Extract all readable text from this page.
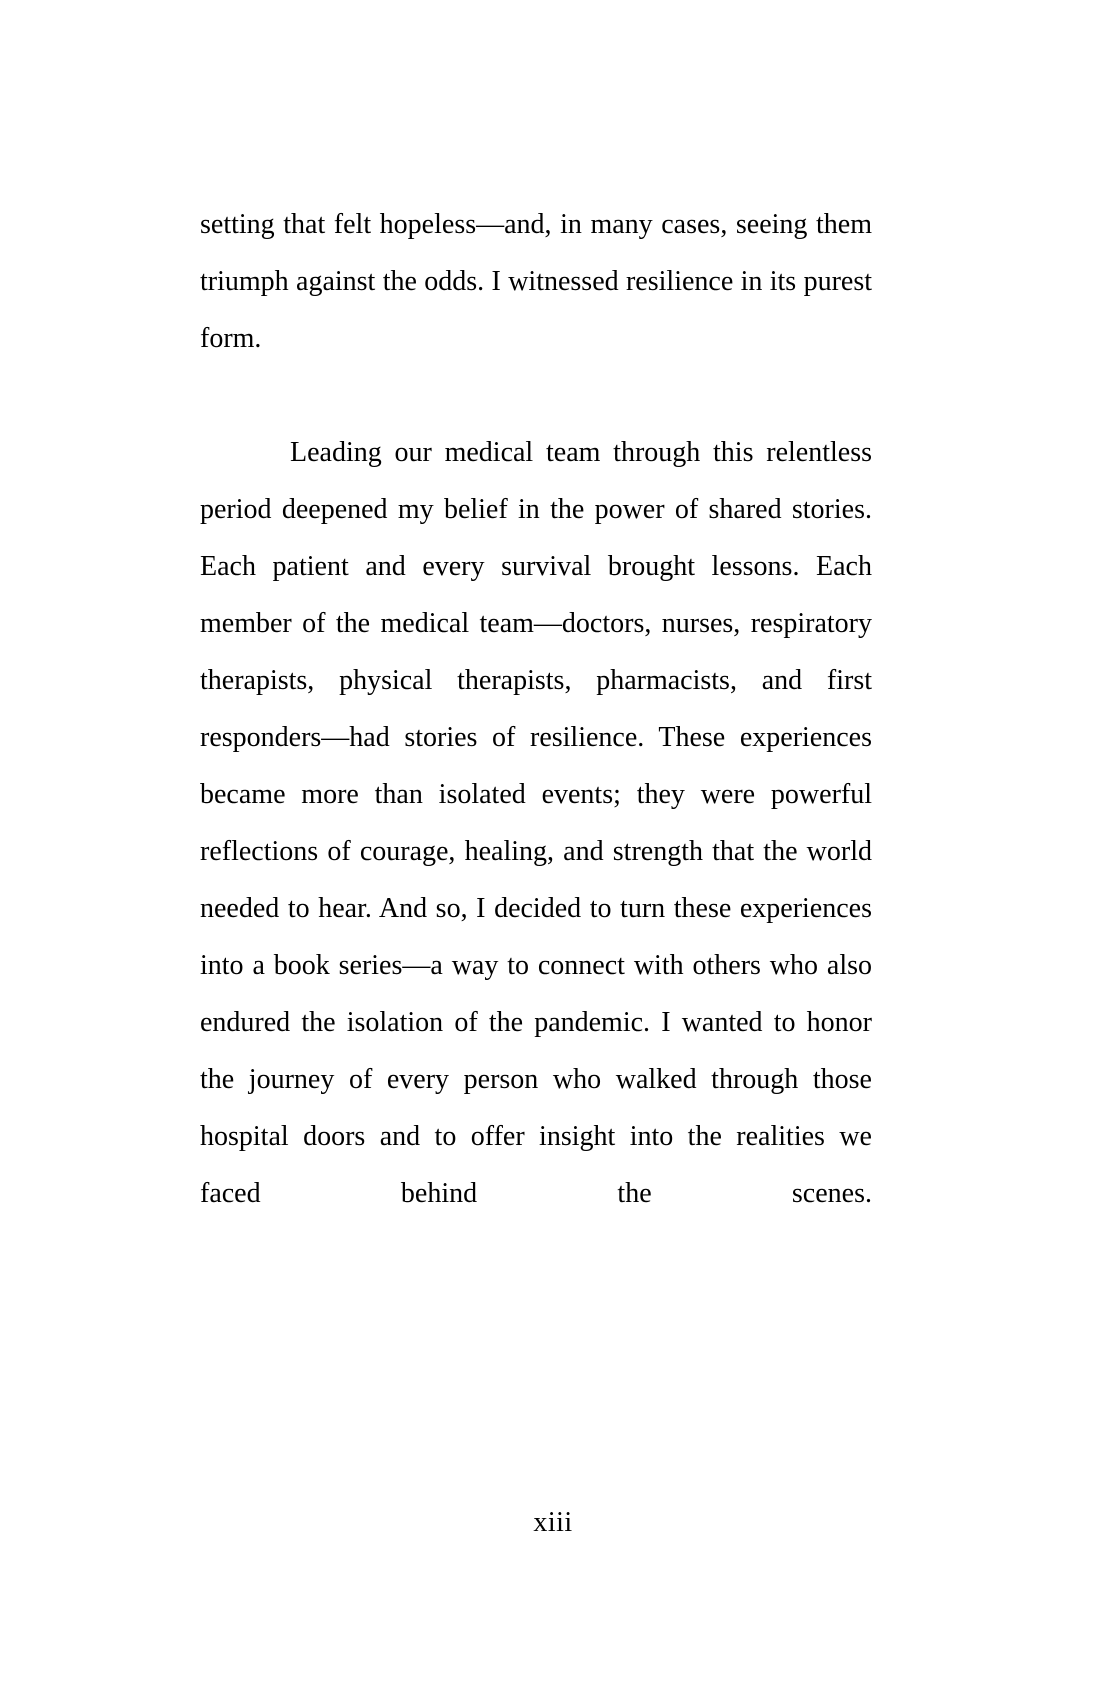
setting that felt hopeless—and, in many cases, seeing them triumph against the odds. I witnessed resilience in its purest form.

Leading our medical team through this relentless period deepened my belief in the power of shared stories. Each patient and every survival brought lessons. Each member of the medical team—doctors, nurses, respiratory therapists, physical therapists, pharmacists, and first responders—had stories of resilience. These experiences became more than isolated events; they were powerful reflections of courage, healing, and strength that the world needed to hear. And so, I decided to turn these experiences into a book series—a way to connect with others who also endured the isolation of the pandemic. I wanted to honor the journey of every person who walked through those hospital doors and to offer insight into the realities we faced behind the scenes.

xiii
